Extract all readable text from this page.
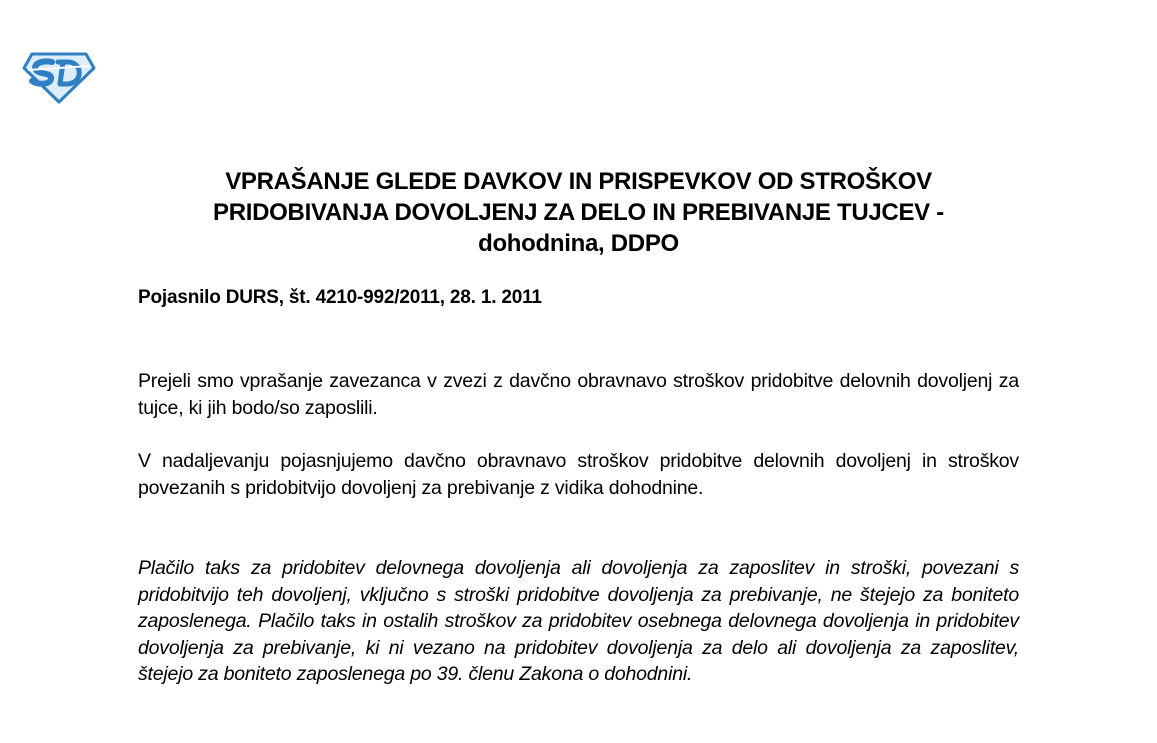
VPRAŠANJE GLEDE DAVKOV IN PRISPEVKOV OD STROŠKOV
PRIDOBIVANJA DOVOLJENJ ZA DELO IN PREBIVANJE TUJCEV -
dohodnina, DDPO
Pojasnilo DURS, št. 4210-992/2011, 28. 1. 2011
Prejeli smo vprašanje zavezanca v zvezi z davčno obravnavo stroškov pridobitve delovnih dovoljenj za tujce, ki jih bodo/so zaposlili.
V nadaljevanju pojasnjujemo davčno obravnavo stroškov pridobitve delovnih dovoljenj in stroškov povezanih s pridobitvijo dovoljenj za prebivanje z vidika dohodnine.
Plačilo taks za pridobitev delovnega dovoljenja ali dovoljenja za zaposlitev in stroški, povezani s pridobitvijo teh dovoljenj, vključno s stroški pridobitve dovoljenja za prebivanje, ne štejejo za boniteto zaposlenega. Plačilo taks in ostalih stroškov za pridobitev osebnega delovnega dovoljenja in pridobitev dovoljenja za prebivanje, ki ni vezano na pridobitev dovoljenja za delo ali dovoljenja za zaposlitev, štejejo za boniteto zaposlenega po 39. členu Zakona o dohodnini.
